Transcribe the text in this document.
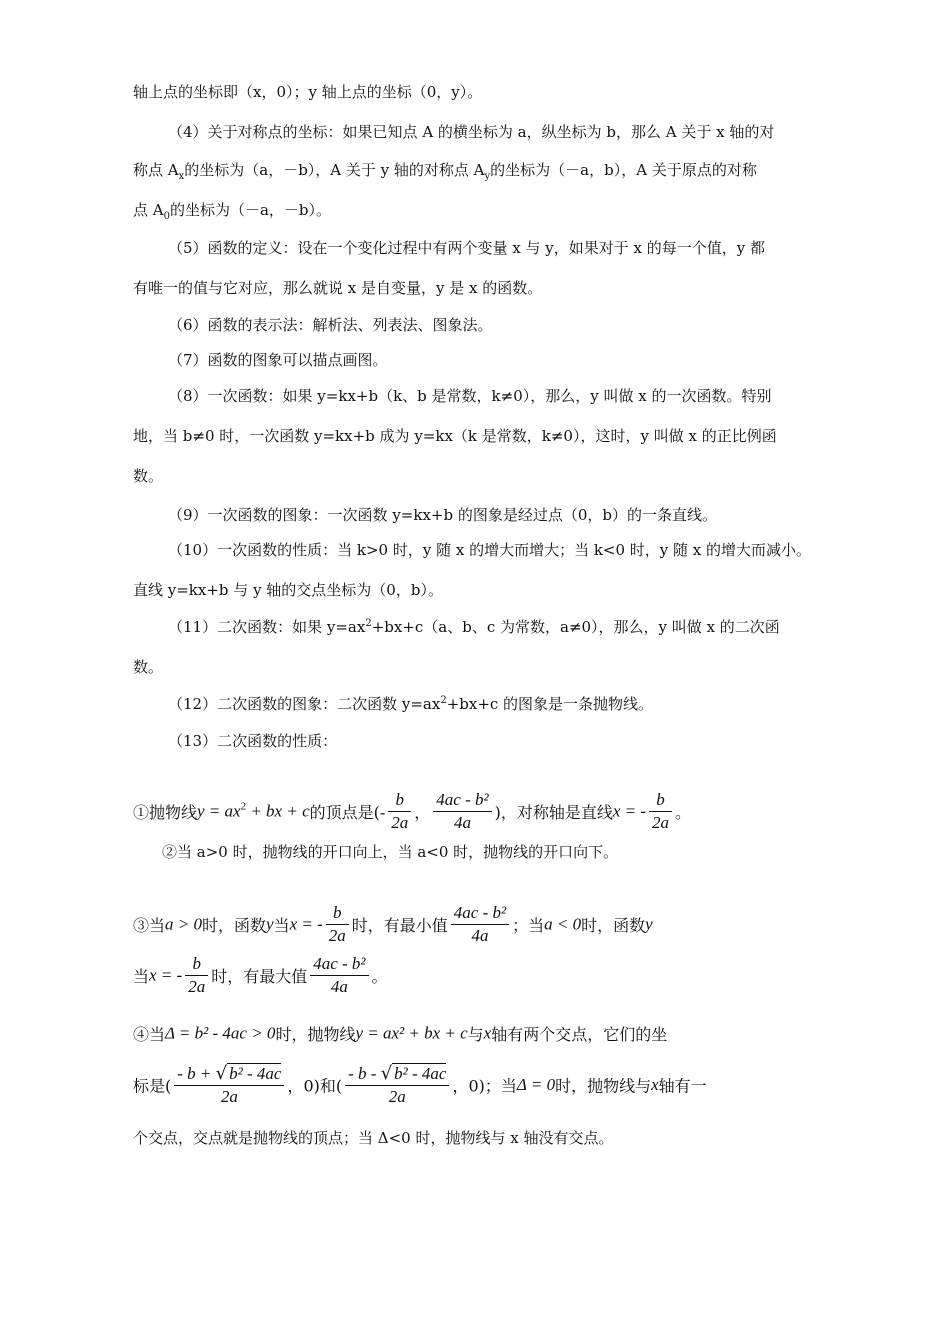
轴上点的坐标即（x，0）；y 轴上点的坐标（0，y）。
（4）关于对称点的坐标：如果已知点 A 的横坐标为 a，纵坐标为 b，那么 A 关于 x 轴的对
称点 $A_x$的坐标为（a，－b），A 关于 y 轴的对称点 $A_y$的坐标为（－a，b），A 关于原点的对称
点 $A_0$的坐标为（－a，－b）。
（5）函数的定义：设在一个变化过程中有两个变量 x 与 y，如果对于 x 的每一个值，y 都
有唯一的值与它对应，那么就说 x 是自变量，y 是 x 的函数。
（6）函数的表示法：解析法、列表法、图象法。
（7）函数的图象可以描点画图。
（8）一次函数：如果 y=kx+b（k、b 是常数，k≠0），那么，y 叫做 x 的一次函数。特别
地，当 b≠0 时，一次函数 y=kx+b 成为 y=kx（k 是常数，k≠0），这时，y 叫做 x 的正比例函
数。
（9）一次函数的图象：一次函数 y=kx+b 的图象是经过点（0，b）的一条直线。
（10）一次函数的性质：当 k>0 时，y 随 x 的增大而增大；当 k<0 时，y 随 x 的增大而减小。
直线 y=kx+b 与 y 轴的交点坐标为（0，b）。
（11）二次函数：如果 $y=ax^2+bx+c(a$、b、c 为常数，a≠0），那么，y 叫做 x 的二次函
数。
（12）二次函数的图象：二次函数 $y=ax^2+bx+c$ 的图象是一条抛物线。
（13）二次函数的性质：
①抛物线$y = ax^2$ + bx + c的顶点是(- $\frac{b}{2a}$ ， $\frac{\text{4ac - b²}}{4a}$ )，对称轴是直线x = - $\frac{b}{2a}$ 。
②当 a>0 时，抛物线的开口向上，当 a<0 时，抛物线的开口向下。
③当a > 0时，函数y当x = - $\frac{b}{2a}$ 时，有最小值 $\frac{\text{4ac - b²}}{4a}$ ；当a < 0时，函数y
当x = - $\frac{b}{2a}$ 时，有最大值 $\frac{\text{4ac - b²}}{4a}$ 。
④当Δ = b² - 4ac > 0时，抛物线y = ax² + bx + c与x轴有两个交点，它们的坐
标是( $\frac{\text{- b + √ b² - 4ac}}{2a}$ ，0)和( $\frac{\text{- b - √ b² - 4ac}}{2a}$ ，0)；当Δ = 0时，抛物线与x轴有一
个交点，交点就是抛物线的顶点；当 Δ<0 时，抛物线与 x 轴没有交点。
